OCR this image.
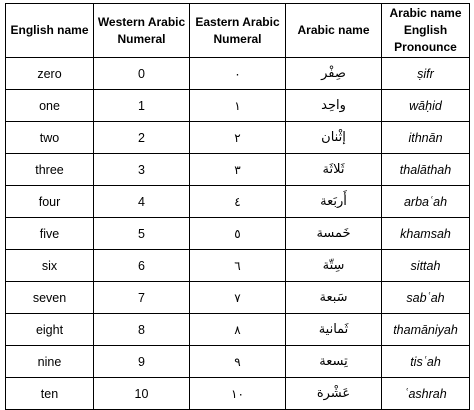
English name	Western Arabic Numeral	Eastern Arabic Numeral	Arabic name	Arabic name English Pronounce
zero	0	٠	صِفْر	ṣifr
one	1	١	واحِد	wāḥid
two	2	٢	إثْنان	ithnān
three	3	٣	ثَلاثَة	thalāthah
four	4	٤	أَربَعة	arbaʿah
five	5	٥	خَمسة	khamsah
six	6	٦	سِتّة	sittah
seven	7	٧	سَبعة	sabʿah
eight	8	٨	ثَمانية	thamāniyah
nine	9	٩	تِسعة	tisʿah
ten	10	١٠	عَشْرة	ʿashrah
